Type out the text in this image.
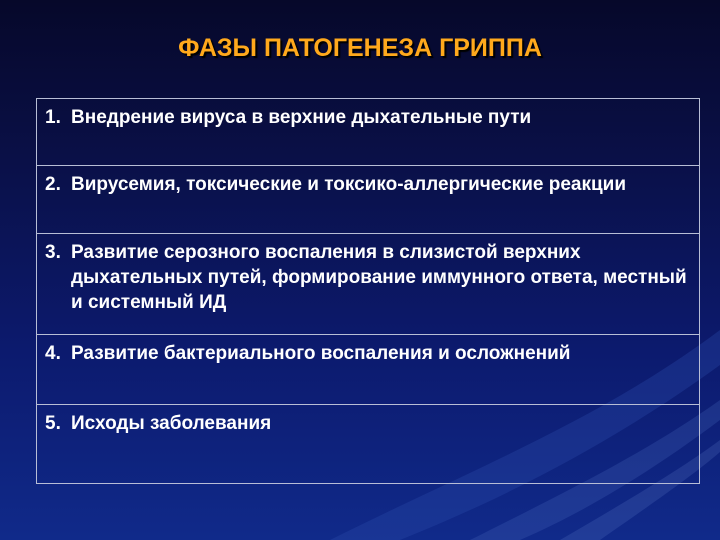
ФАЗЫ ПАТОГЕНЕЗА ГРИППА
1. Внедрение вируса в верхние дыхательные пути

2. Вирусемия, токсические и токсико-аллергические реакции

3. Развитие серозного воспаления в слизистой верхних дыхательных путей, формирование иммунного ответа, местный и системный ИД

4. Развитие бактериального воспаления и осложнений

5. Исходы заболевания
